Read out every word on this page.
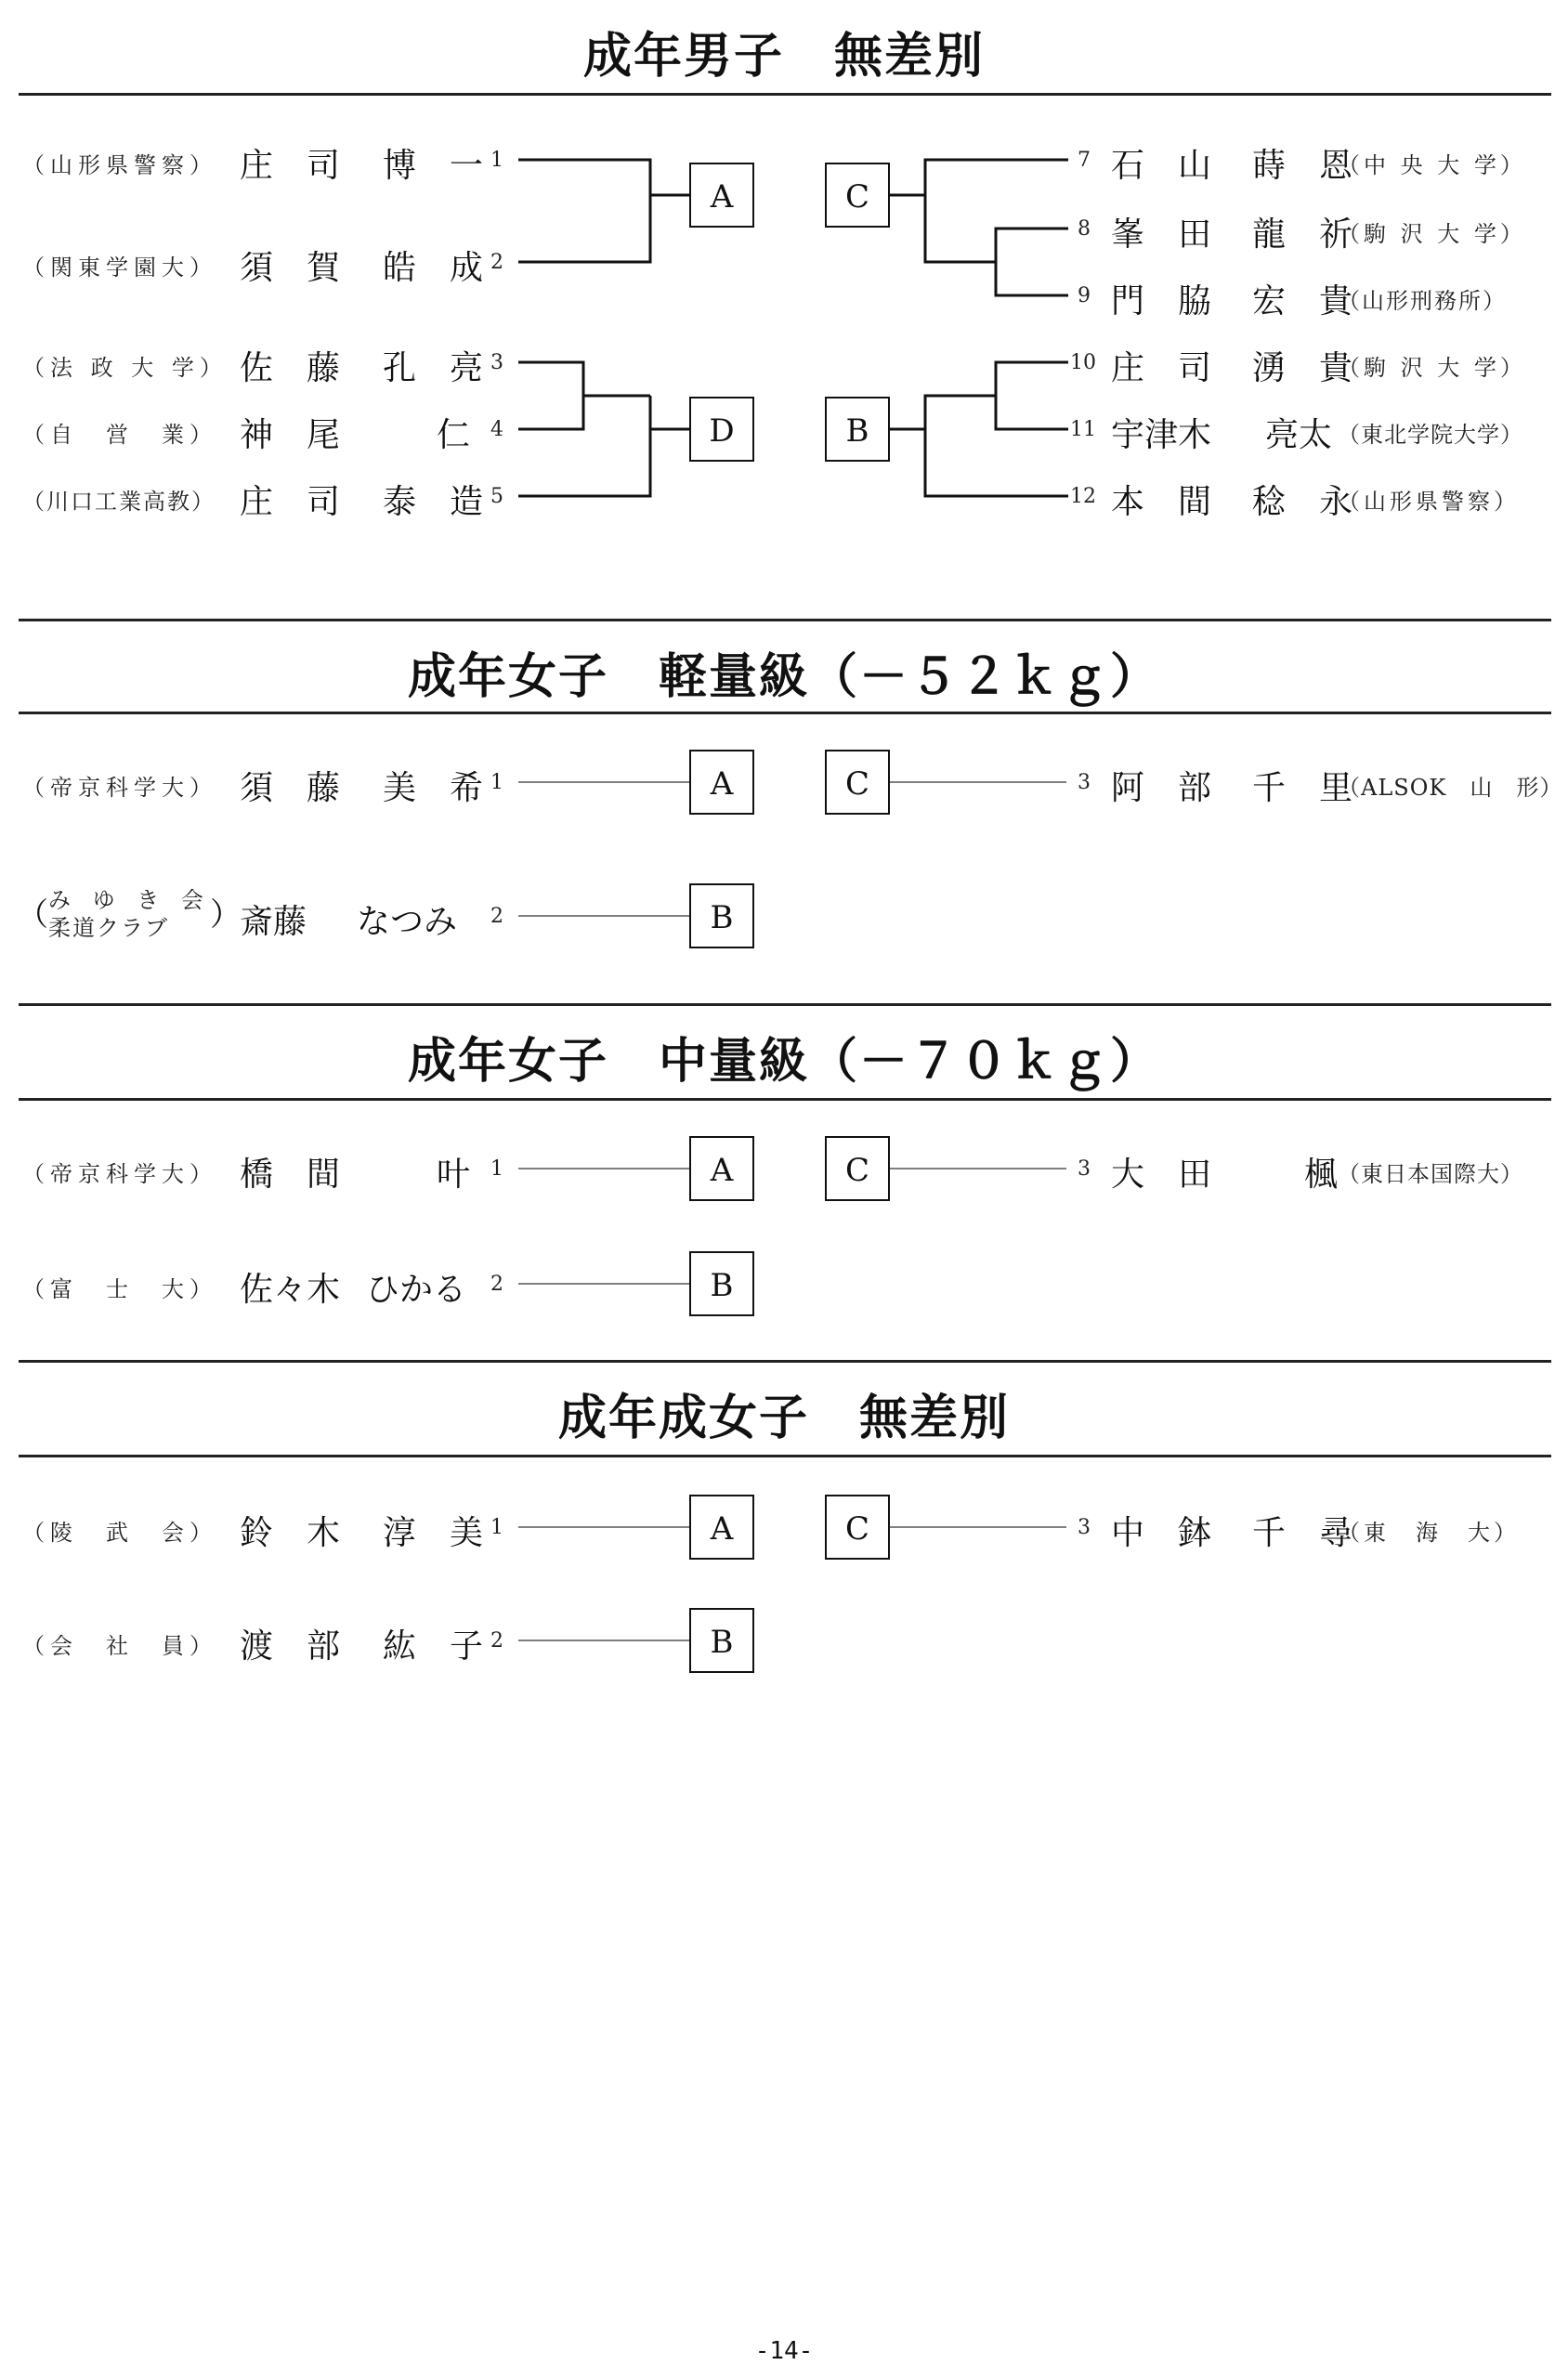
成年男子　無差別
（山形県警察） 庄　司 博　一 1
（関東学園大） 須　賀 皓　成 2
（法 政 大 学） 佐　藤 孔　亮 3
（自　営　業） 神　尾	仁 4
（川口工業高教） 庄　司 泰　造 5
A	C
D	B
7 石　山 蒔　恩
（中 央 大 学）
8 峯　田 龍　祈
（駒 沢 大 学）
9 門　脇 宏　貴
（山形刑務所）
10 庄　司 湧　貴
（駒 沢 大 学）
11 宇津木 亮太 （東北学院大学）
12 本　間 稔　永
（山形県警察）
成年女子　軽量級（－５２ｋｇ）
（帝京科学大） 須　藤 美　希 1
（ み ゆ き 会
柔道クラブ ）
斎藤 なつみ 2
A	C
B
3 阿　部 千　里
（ALSOK　山　形）
成年女子　中量級（－７０ｋｇ）
（帝京科学大） 橋　間	叶 1
（富　士　大） 佐々木 ひかる 2
A	C
B
3 大　田	楓 （東日本国際大）
成年成女子　無差別
（陵　武　会） 鈴　木 淳　美 1
（会　社　員） 渡　部 紘　子 2
A	C
B
3 中　鉢 千　尋
（東　海　大）
-14-
